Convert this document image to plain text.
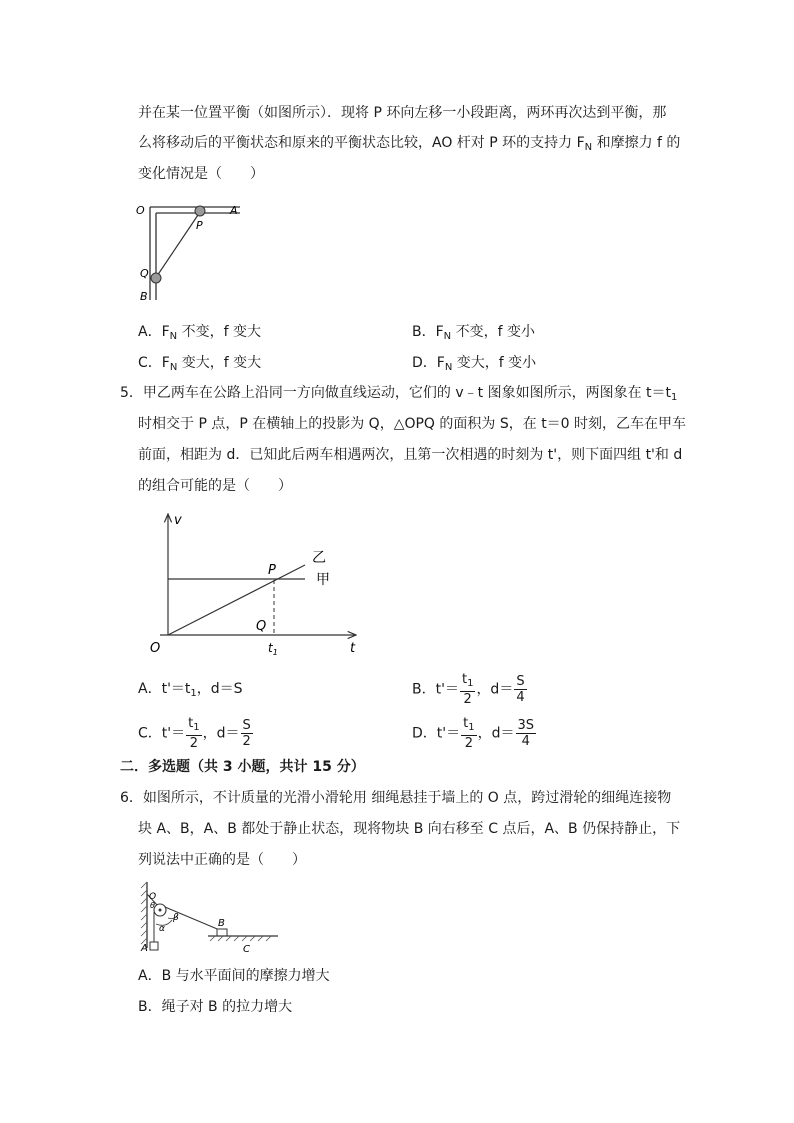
并在某一位置平衡（如图所示）．现将 P 环向左移一小段距离，两环再次达到平衡，那
么将移动后的平衡状态和原来的平衡状态比较，AO 杆对 P 环的支持力 $F_N$ 和摩擦力 f 的
变化情况是（　　）
O	A
P
Q
B
A．$F_N$ 不变，f 变大	B．$F_N$ 不变，f 变小
C．$F_N$ 变大，f 变大	D．$F_N$ 变大，f 变小
5．甲乙两车在公路上沿同一方向做直线运动，它们的 v﹣t 图象如图所示，两图象在 $t=t_1$
时相交于 P 点，P 在横轴上的投影为 Q，△OPQ 的面积为 S，在 t＝0 时刻，乙车在甲车
前面，相距为 d．已知此后两车相遇两次，且第一次相遇的时刻为 t'，则下面四组 t'和 d
的组合可能的是（　　）
v
t
O
P
Q
$t_1$
乙
甲
A．$t'=t_1$，d＝S	B．$t'= \frac{t_1}{2}$ ，$d= \frac{S}{4}$
C．$t'= \frac{t_1}{2}$ ，$d= \frac{S}{2}$	D．$t'= \frac{t_1}{2}$ ，$d= \frac{3S}{4}$
二．多选题（共 3 小题，共计 15 分）
6．如图所示，不计质量的光滑小滑轮用 细绳悬挂于墙上的 O 点，跨过滑轮的细绳连接物
块 A、B，A、B 都处于静止状态，现将物块 B 向右移至 C 点后，A、B 仍保持静止，下
列说法中正确的是（　　）
O
θ
α
β
A
B
C
A．B 与水平面间的摩擦力增大
B．绳子对 B 的拉力增大
